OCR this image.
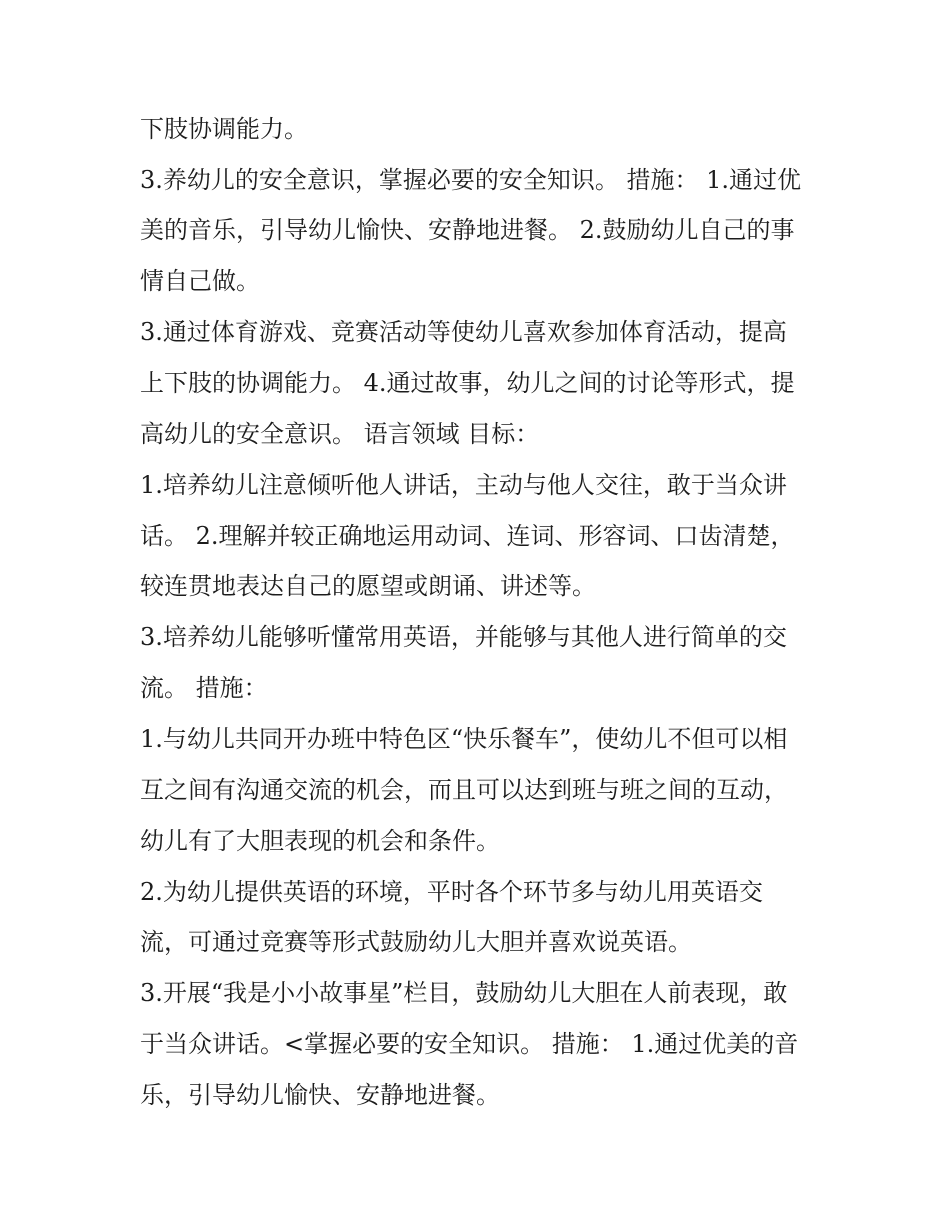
下肢协调能力。
3.养幼儿的安全意识，掌握必要的安全知识。 措施： 1.通过优
美的音乐，引导幼儿愉快、安静地进餐。 2.鼓励幼儿自己的事
情自己做。
3.通过体育游戏、竞赛活动等使幼儿喜欢参加体育活动，提高
上下肢的协调能力。 4.通过故事，幼儿之间的讨论等形式，提
高幼儿的安全意识。 语言领域 目标：
1.培养幼儿注意倾听他人讲话，主动与他人交往，敢于当众讲
话。 2.理解并较正确地运用动词、连词、形容词、口齿清楚，
较连贯地表达自己的愿望或朗诵、讲述等。
3.培养幼儿能够听懂常用英语，并能够与其他人进行简单的交
流。 措施：
1.与幼儿共同开办班中特色区“快乐餐车”，使幼儿不但可以相
互之间有沟通交流的机会，而且可以达到班与班之间的互动，
幼儿有了大胆表现的机会和条件。
2.为幼儿提供英语的环境，平时各个环节多与幼儿用英语交
流，可通过竞赛等形式鼓励幼儿大胆并喜欢说英语。
3.开展“我是小小故事星”栏目，鼓励幼儿大胆在人前表现，敢
于当众讲话。<掌握必要的安全知识。 措施： 1.通过优美的音
乐，引导幼儿愉快、安静地进餐。
